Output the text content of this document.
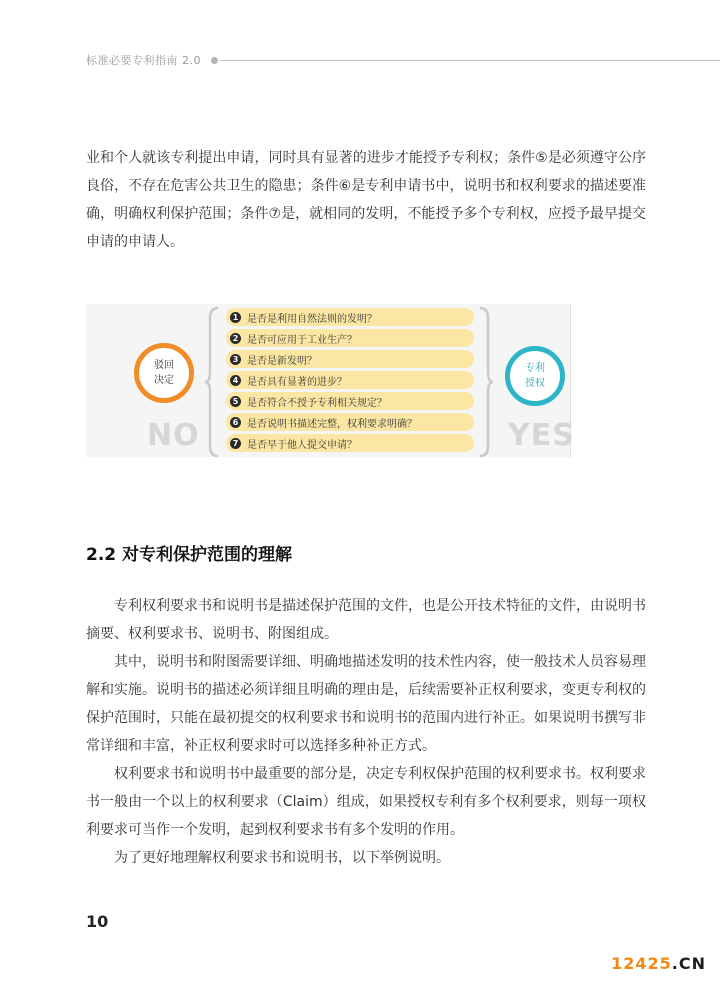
标准必要专利指南 2.0

业和个人就该专利提出申请，同时具有显著的进步才能授予专利权；条件⑤是必须遵守公序良俗，不存在危害公共卫生的隐患；条件⑥是专利申请书中，说明书和权利要求的描述要准确，明确权利保护范围；条件⑦是，就相同的发明，不能授予多个专利权，应授予最早提交申请的申请人。

驳回决定
NO
1 是否是利用自然法则的发明？
2 是否可应用于工业生产？
3 是否是新发明？
4 是否具有显著的进步？
5 是否符合不授予专利相关规定？
6 是否说明书描述完整，权利要求明确？
7 是否早于他人提交申请？
专利授权
YES
2.2 对专利保护范围的理解

专利权利要求书和说明书是描述保护范围的文件，也是公开技术特征的文件，由说明书摘要、权利要求书、说明书、附图组成。

其中，说明书和附图需要详细、明确地描述发明的技术性内容，使一般技术人员容易理解和实施。说明书的描述必须详细且明确的理由是，后续需要补正权利要求，变更专利权的保护范围时，只能在最初提交的权利要求书和说明书的范围内进行补正。如果说明书撰写非常详细和丰富，补正权利要求时可以选择多种补正方式。

权利要求书和说明书中最重要的部分是，决定专利权保护范围的权利要求书。权利要求书一般由一个以上的权利要求（Claim）组成，如果授权专利有多个权利要求，则每一项权利要求可当作一个发明，起到权利要求书有多个发明的作用。

为了更好地理解权利要求书和说明书，以下举例说明。

10
12425.CN
